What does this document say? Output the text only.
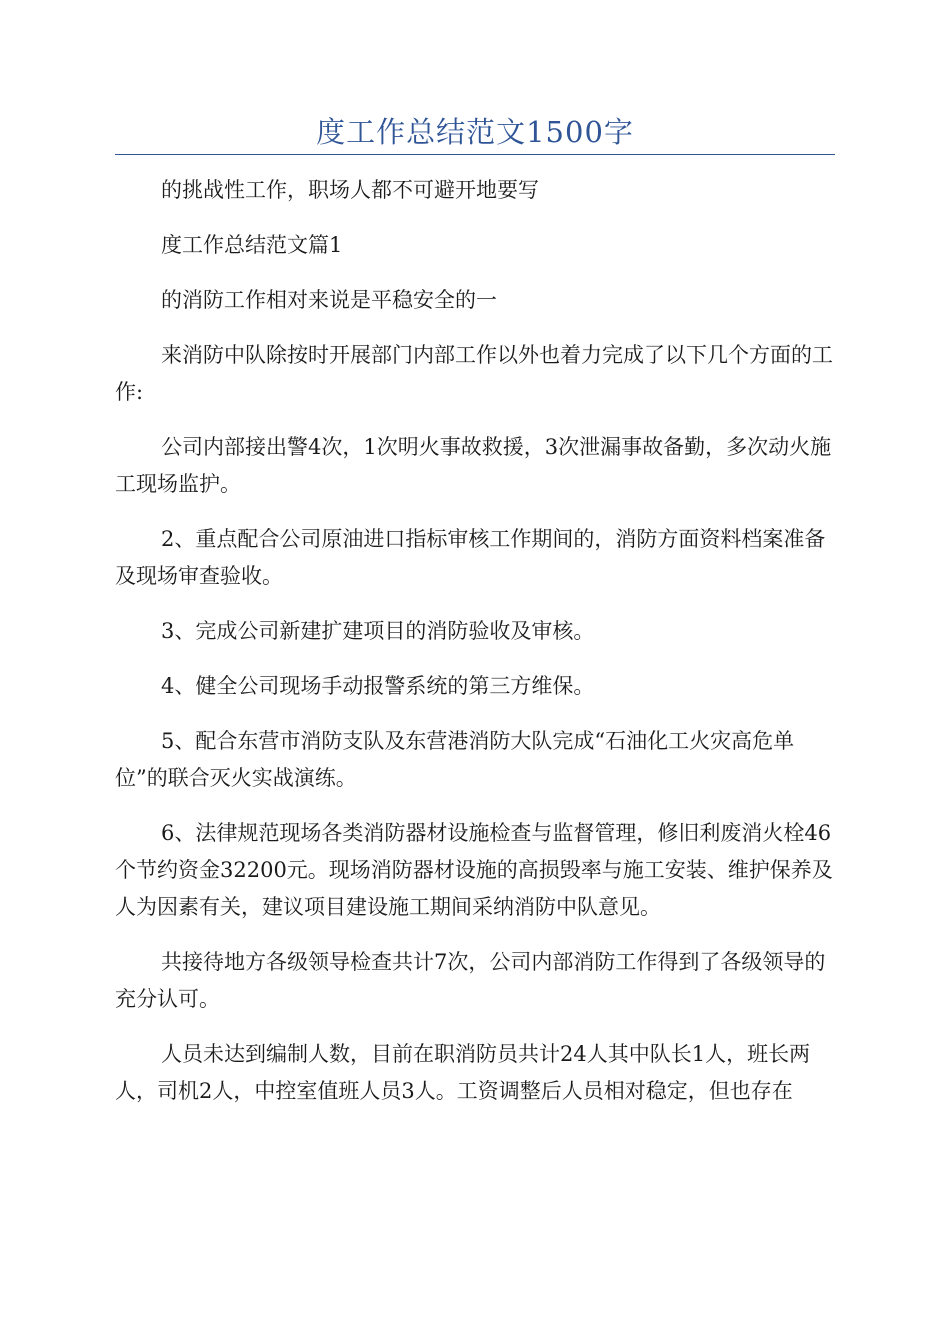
度工作总结范文1500字

的挑战性工作，职场人都不可避开地要写

度工作总结范文篇1

的消防工作相对来说是平稳安全的一

来消防中队除按时开展部门内部工作以外也着力完成了以下几个方面的工作:

公司内部接出警4次，1次明火事故救援，3次泄漏事故备勤，多次动火施工现场监护。

2、重点配合公司原油进口指标审核工作期间的，消防方面资料档案准备及现场审查验收。

3、完成公司新建扩建项目的消防验收及审核。

4、健全公司现场手动报警系统的第三方维保。

5、配合东营市消防支队及东营港消防大队完成“石油化工火灾高危单位”的联合灭火实战演练。

6、法律规范现场各类消防器材设施检查与监督管理，修旧利废消火栓46个节约资金32200元。现场消防器材设施的高损毁率与施工安装、维护保养及人为因素有关，建议项目建设施工期间采纳消防中队意见。

共接待地方各级领导检查共计7次，公司内部消防工作得到了各级领导的充分认可。

人员未达到编制人数，目前在职消防员共计24人其中队长1人，班长两人，司机2人，中控室值班人员3人。工资调整后人员相对稳定，但也存在
